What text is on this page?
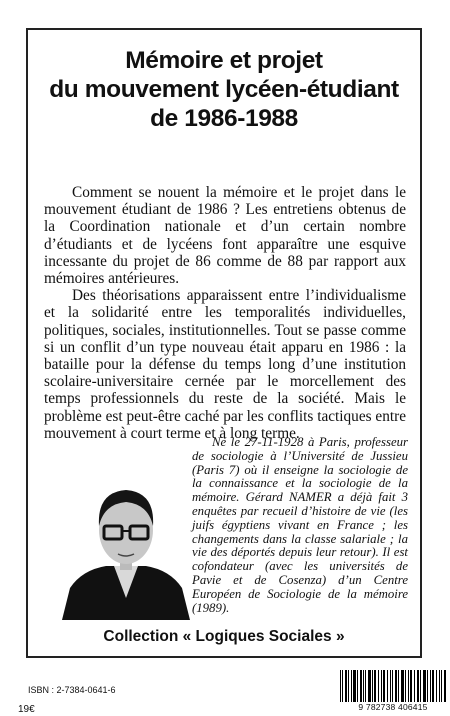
Mémoire et projet
du mouvement lycéen-étudiant
de 1986-1988

Comment se nouent la mémoire et le projet dans le mouvement étudiant de 1986 ? Les entretiens obtenus de la Coordination nationale et d’un certain nombre d’étudiants et de lycéens font apparaître une esquive incessante du projet de 86 comme de 88 par rapport aux mémoires antérieures.

Des théorisations apparaissent entre l’individualisme et la solidarité entre les temporalités individuelles, politiques, sociales, institutionnelles. Tout se passe comme si un conflit d’un type nouveau était apparu en 1986 : la bataille pour la défense du temps long d’une institution scolaire-universitaire cernée par le morcellement des temps professionnels du reste de la société. Mais le problème est peut-être caché par les conflits tactiques entre mouvement à court terme et à long terme.

Né le 27-11-1928 à Paris, professeur de sociologie à l’Université de Jussieu (Paris 7) où il enseigne la sociologie de la connaissance et la sociologie de la mémoire. Gérard NAMER a déjà fait 3 enquêtes par recueil d’histoire de vie (les juifs égyptiens vivant en France ; les changements dans la classe salariale ; la vie des déportés depuis leur retour). Il est cofondateur (avec les universités de Pavie et de Cosenza) d’un Centre Européen de Sociologie de la mémoire (1989).

Collection « Logiques Sociales »
ISBN : 2-7384-0641-6
19€	9 782738 406415
